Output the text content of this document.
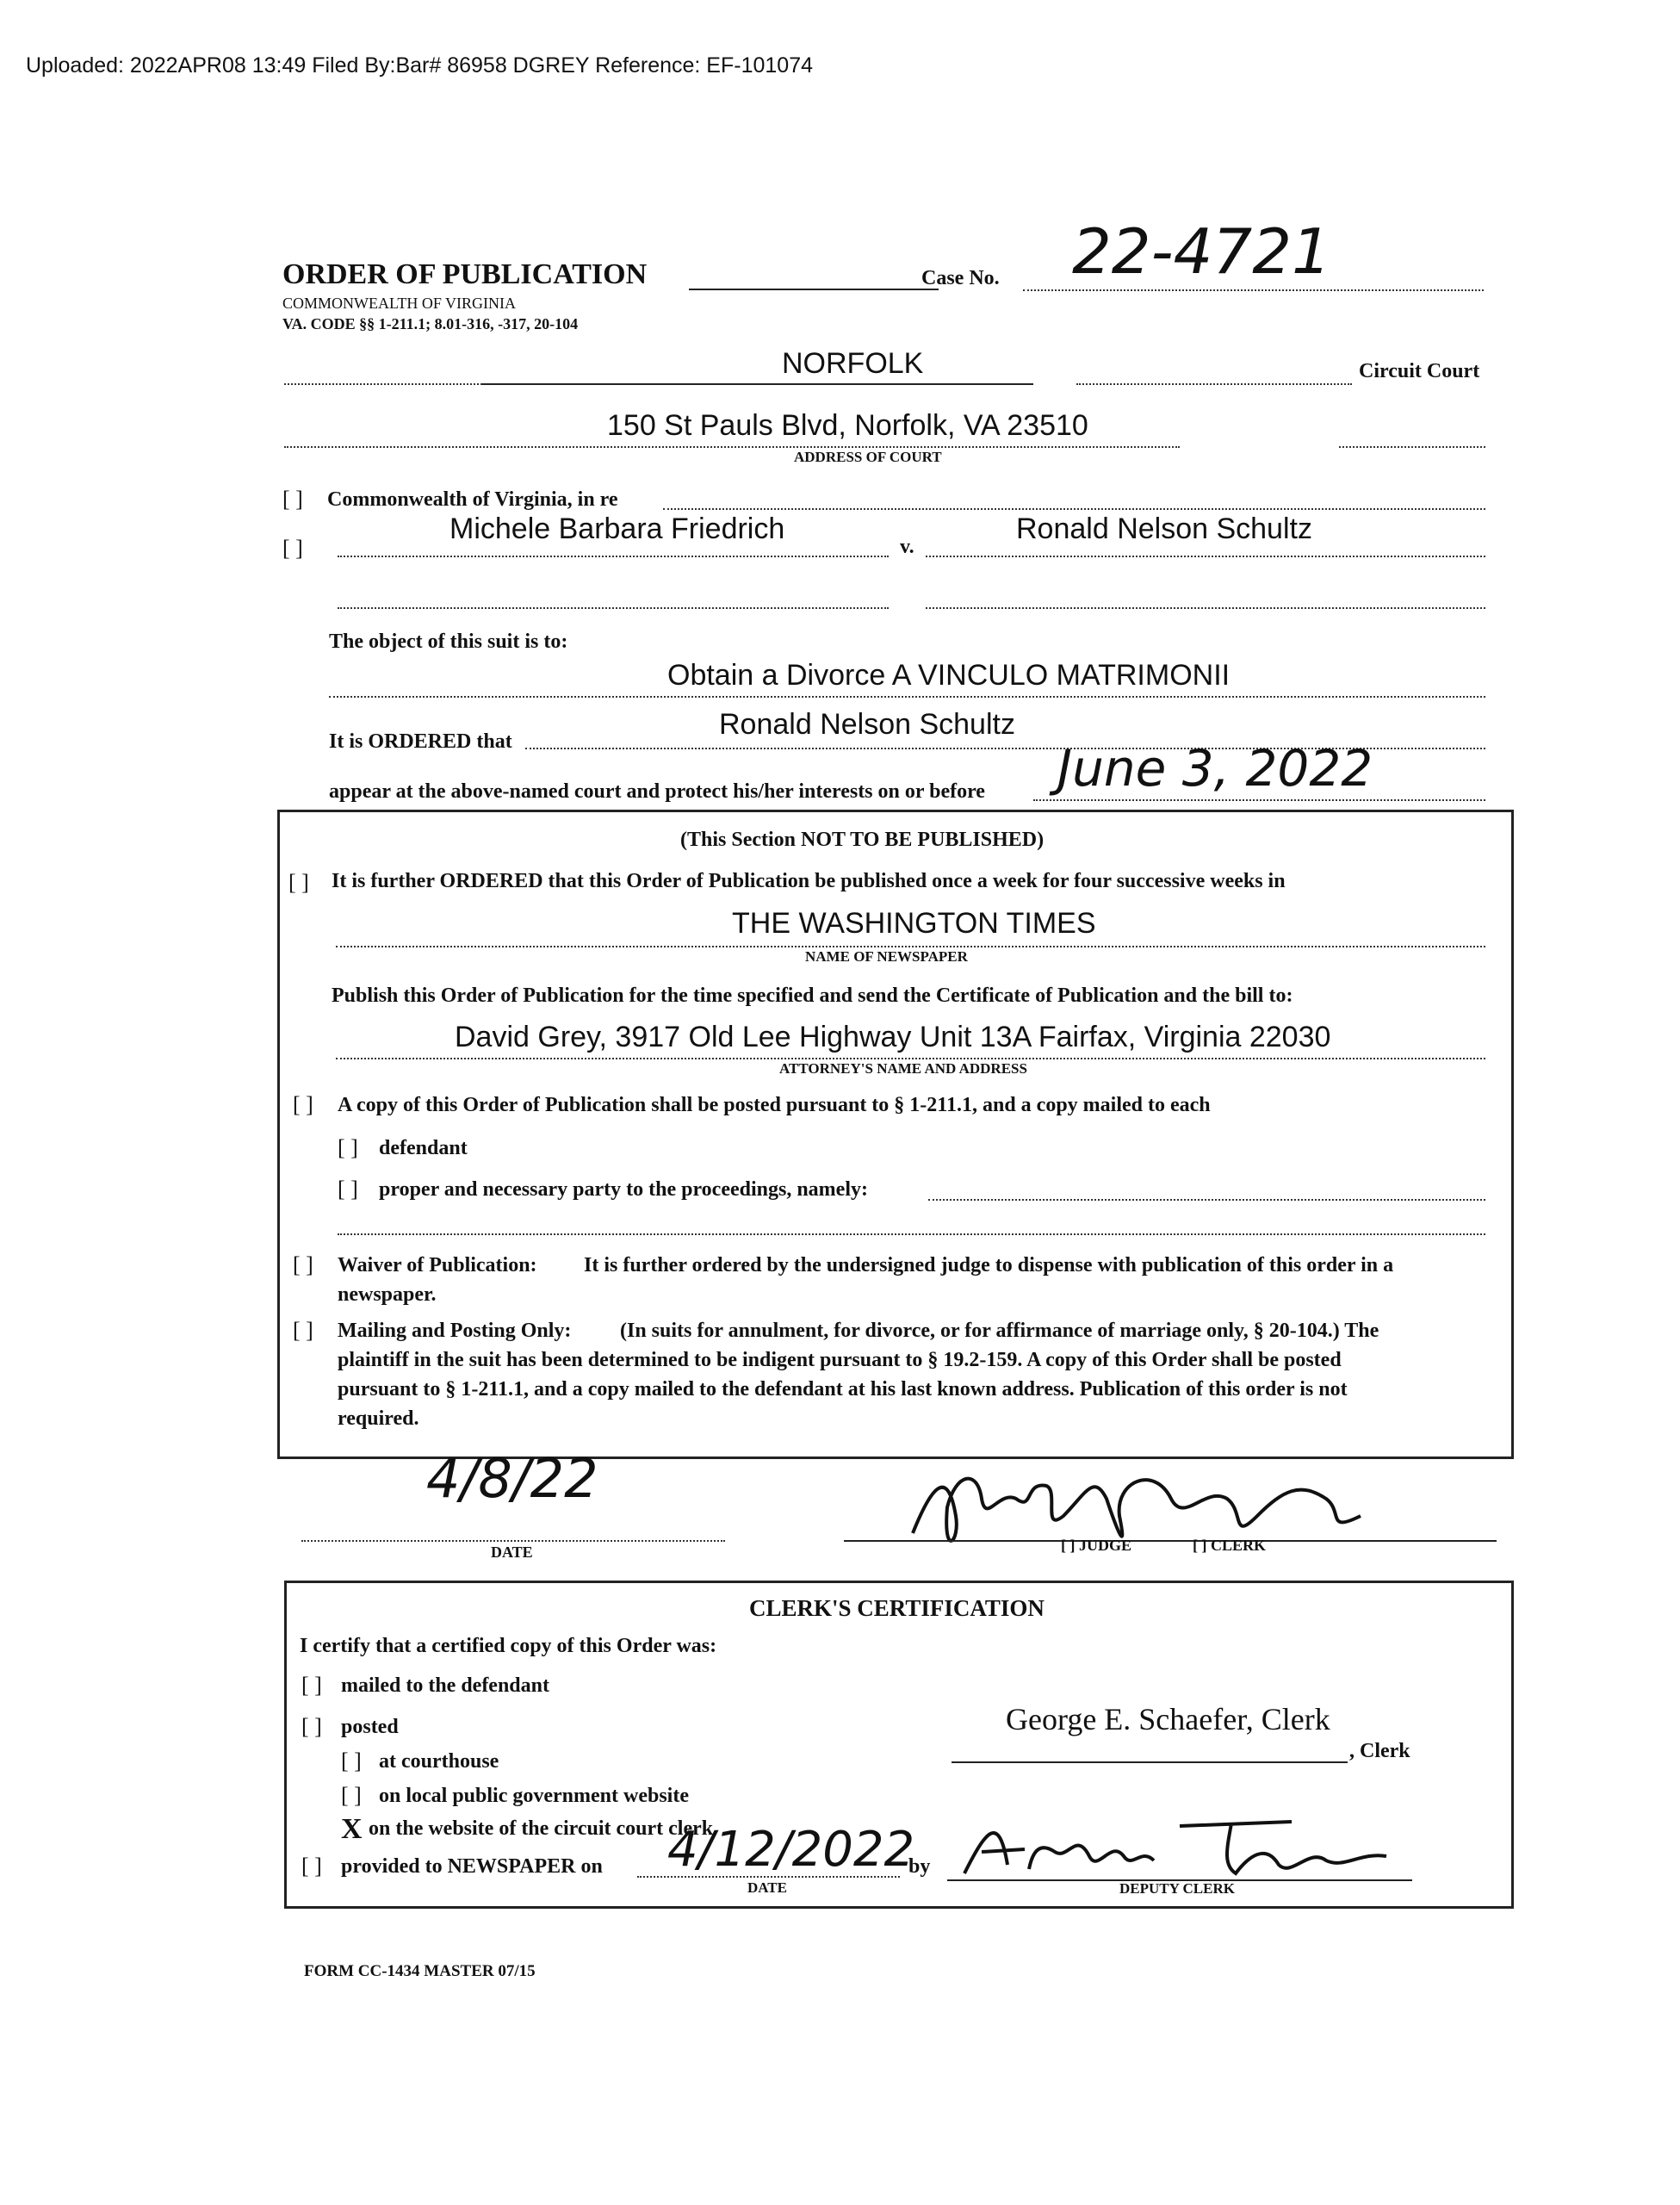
Uploaded: 2022APR08 13:49 Filed By:Bar# 86958 DGREY Reference: EF-101074
ORDER OF PUBLICATION
COMMONWEALTH OF VIRGINIA
VA. CODE §§ 1-211.1; 8.01-316, -317, 20-104
Case No. 22-4721
NORFOLK	Circuit Court
150 St Pauls Blvd, Norfolk, VA 23510
ADDRESS OF COURT
[ ] Commonwealth of Virginia, in re
[ ]
Michele Barbara Friedrich
v.
Ronald Nelson Schultz
The object of this suit is to:
Obtain a Divorce A VINCULO MATRIMONII
It is ORDERED that
Ronald Nelson Schultz
appear at the above-named court and protect his/her interests on or before June 3, 2022
(This Section NOT TO BE PUBLISHED)
[ ] It is further ORDERED that this Order of Publication be published once a week for four successive weeks in
THE WASHINGTON TIMES
NAME OF NEWSPAPER
Publish this Order of Publication for the time specified and send the Certificate of Publication and the bill to:
David Grey, 3917 Old Lee Highway Unit 13A Fairfax, Virginia 22030
ATTORNEY'S NAME AND ADDRESS
[ ] A copy of this Order of Publication shall be posted pursuant to § 1-211.1, and a copy mailed to each
[ ] defendant
[ ] proper and necessary party to the proceedings, namely:
[ ] Waiver of Publication: It is further ordered by the undersigned judge to dispense with publication of this order in a
newspaper.
[ ] Mailing and Posting Only: (In suits for annulment, for divorce, or for affirmance of marriage only, § 20-104.) The
plaintiff in the suit has been determined to be indigent pursuant to § 19.2-159. A copy of this Order shall be posted
pursuant to § 1-211.1, and a copy mailed to the defendant at his last known address. Publication of this order is not
required.
4/8/22
DATE	[ ] JUDGE	[ ] CLERK
CLERK'S CERTIFICATION
I certify that a certified copy of this Order was:
[ ] mailed to the defendant
[ ] posted	George E. Schaefer, Clerk
, Clerk
[ ] at courthouse
[ ] on local public government website
X on the website of the circuit court clerk
[ ] provided to NEWSPAPER on 4/12/2022
DATE
by
DEPUTY CLERK
FORM CC-1434 MASTER 07/15
